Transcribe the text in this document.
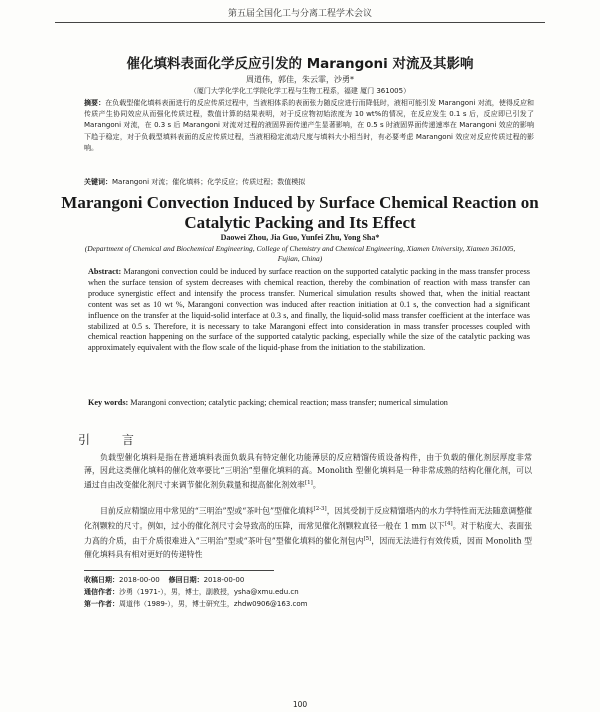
第五届全国化工与分离工程学术会议
催化填料表面化学反应引发的 Marangoni 对流及其影响
周道伟，郭佳，朱云霏，沙勇*
（厦门大学化学化工学院化学工程与生物工程系，福建 厦门 361005）
摘要：在负载型催化填料表面进行的反应传质过程中，当液相体系的表面张力随反应进行而降低时，液相可能引发 Marangoni 对流，使得反应和传质产生协同效应从而强化传质过程，数值计算的结果表明，对于反应物初始浓度为 10 wt%的情况，在反应发生 0.1 s 后，反应即已引发了 Marangoni 对流，在 0.3 s 后 Marangoni 对流对过程的液固界面传递产生显著影响，在 0.5 s 时液固界面传递速率在 Marangoni 效应的影响下趋于稳定，对于负载型填料表面的反应传质过程，当液相稳定流动尺度与填料大小相当时，有必要考虑 Marangoni 效应对反应传质过程的影响。
关键词：Marangoni 对流；催化填料；化学反应；传质过程；数值模拟
Marangoni Convection Induced by Surface Chemical Reaction on Catalytic Packing and Its Effect
Daowei Zhou, Jia Guo, Yunfei Zhu, Yong Sha*
(Department of Chemical and Biochemical Engineering, College of Chemistry and Chemical Engineering, Xiamen University, Xiamen 361005, Fujian, China)
Abstract: Marangoni convection could be induced by surface reaction on the supported catalytic packing in the mass transfer process when the surface tension of system decreases with chemical reaction, thereby the combination of reaction with mass transfer can produce synergistic effect and intensify the process transfer. Numerical simulation results showed that, when the initial reactant content was set as 10 wt %, Marangoni convection was induced after reaction initiation at 0.1 s, the convection had a significant influence on the transfer at the liquid-solid interface at 0.3 s, and finally, the liquid-solid mass transfer coefficient at the interface was stabilized at 0.5 s. Therefore, it is necessary to take Marangoni effect into consideration in mass transfer processes coupled with chemical reaction happening on the surface of the supported catalytic packing, especially while the size of the catalytic packing was approximately equivalent with the flow scale of the liquid-phase from the initiation to the stabilization.
Key words: Marangoni convection; catalytic packing; chemical reaction; mass transfer; numerical simulation
引 言
负载型催化填料是指在普通填料表面负载具有特定催化功能薄层的反应精馏传质设备构件，由于负载的催化剂层厚度非常薄，因此这类催化填料的催化效率要比“三明治”型催化填料的高。Monolith 型催化填料是一种非常成熟的结构化催化剂，可以通过自由改变催化剂尺寸来调节催化剂负载量和提高催化剂效率[1]。
目前反应精馏应用中常见的“三明治”型或“茶叶包”型催化填料[2-3]，因其受制于反应精馏塔内的水力学特性而无法随意调整催化剂颗粒的尺寸。例如，过小的催化剂尺寸会导致高的压降，而常见催化剂颗粒直径一般在 1 mm 以下[4]。对于粘度大、表面张力高的介质，由于介质很难进入“三明治”型或“茶叶包”型催化填料的催化剂包内[5]，因而无法进行有效传质，因而 Monolith 型催化填料具有相对更好的传递特性
收稿日期：2018-00-00 修回日期：2018-00-00
通信作者：沙勇（1971-），男，博士，副教授，ysha@xmu.edu.cn
第一作者：周道伟（1989-），男，博士研究生，zhdw0906@163.com
100
